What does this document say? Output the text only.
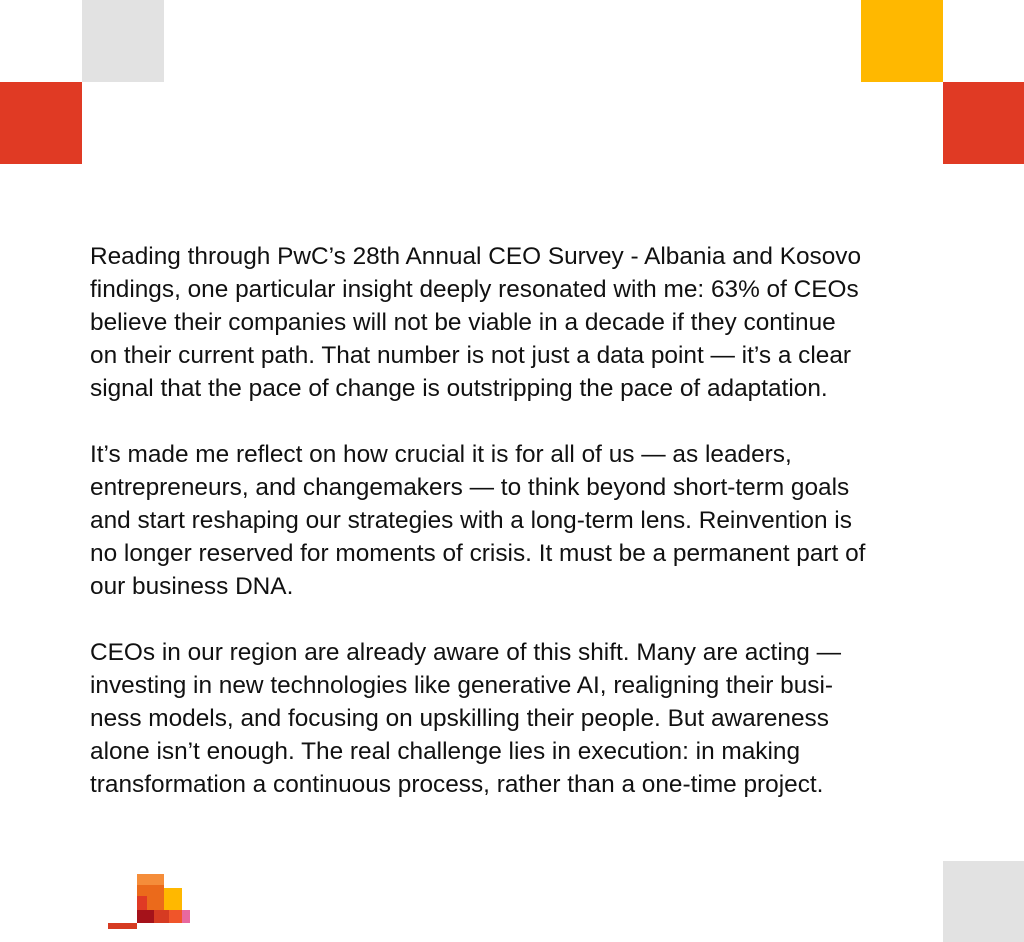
Reading through PwC’s 28th Annual CEO Survey - Albania and Kosovo
findings, one particular insight deeply resonated with me: 63% of CEOs
believe their companies will not be viable in a decade if they continue
on their current path. That number is not just a data point — it’s a clear
signal that the pace of change is outstripping the pace of adaptation.

It’s made me reflect on how crucial it is for all of us — as leaders,
entrepreneurs, and changemakers — to think beyond short-term goals
and start reshaping our strategies with a long-term lens. Reinvention is
no longer reserved for moments of crisis. It must be a permanent part of
our business DNA.

CEOs in our region are already aware of this shift. Many are acting —
investing in new technologies like generative AI, realigning their busi-
ness models, and focusing on upskilling their people. But awareness
alone isn’t enough. The real challenge lies in execution: in making
transformation a continuous process, rather than a one-time project.
